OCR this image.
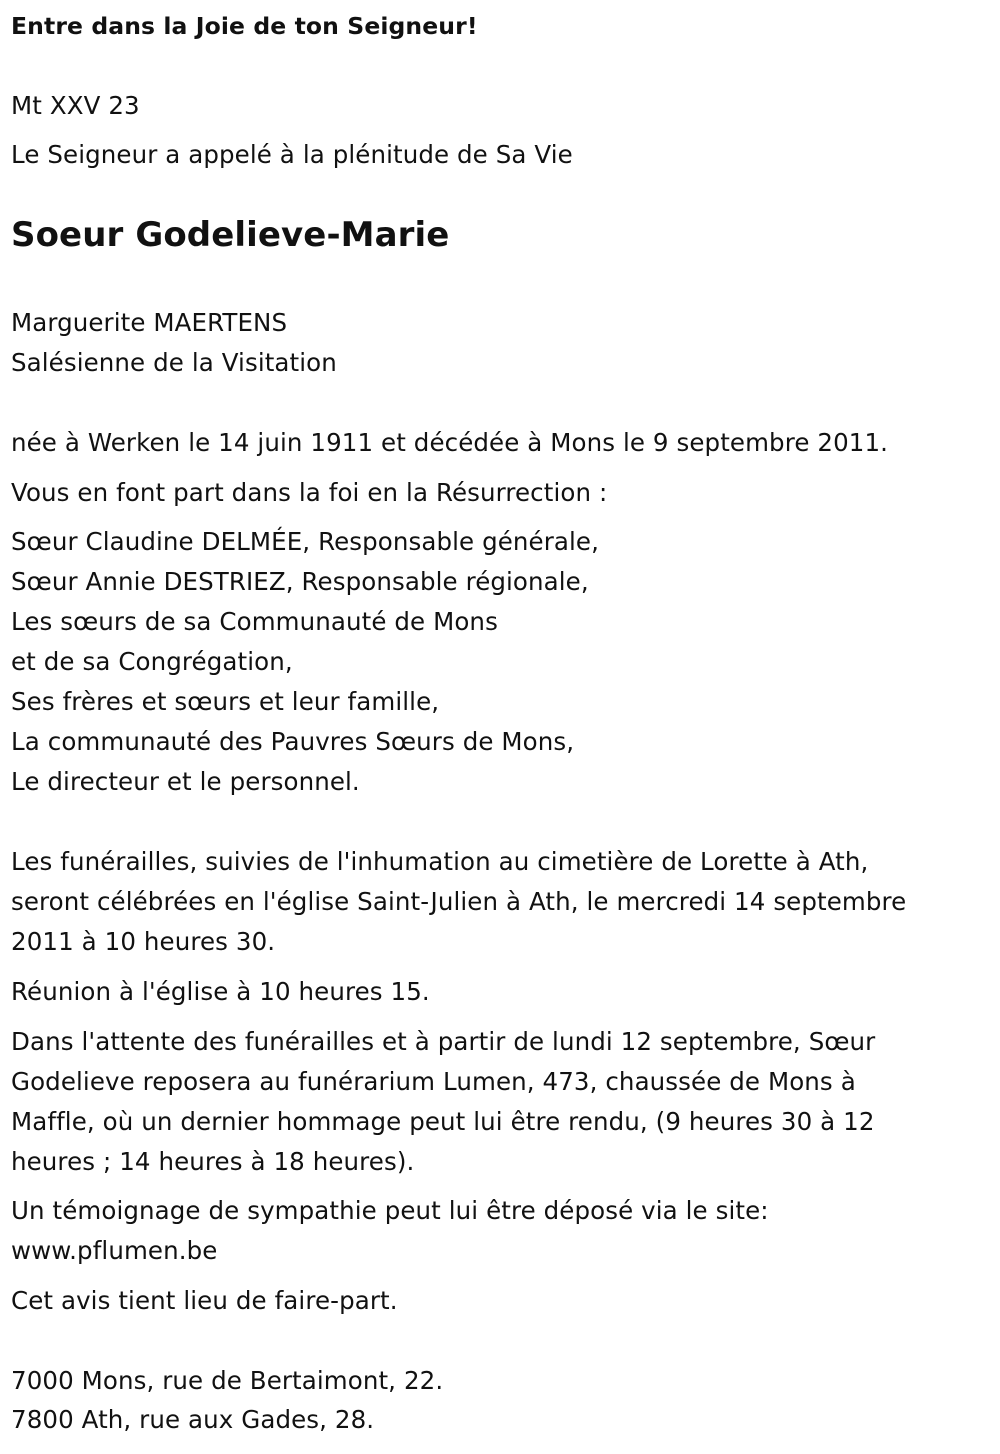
Entre dans la Joie de ton Seigneur!
Mt XXV 23
Le Seigneur a appelé à la plénitude de Sa Vie
Soeur Godelieve-Marie
Marguerite MAERTENS
Salésienne de la Visitation
née à Werken le 14 juin 1911 et décédée à Mons le 9 septembre 2011.
Vous en font part dans la foi en la Résurrection :
Sœur Claudine DELMÉE, Responsable générale,
Sœur Annie DESTRIEZ, Responsable régionale,
Les sœurs de sa Communauté de Mons
et de sa Congrégation,
Ses frères et sœurs et leur famille,
La communauté des Pauvres Sœurs de Mons,
Le directeur et le personnel.
Les funérailles, suivies de l'inhumation au cimetière de Lorette à Ath,
seront célébrées en l'église Saint-Julien à Ath, le mercredi 14 septembre
2011 à 10 heures 30.
Réunion à l'église à 10 heures 15.
Dans l'attente des funérailles et à partir de lundi 12 septembre, Sœur
Godelieve reposera au funérarium Lumen, 473, chaussée de Mons à
Maffle, où un dernier hommage peut lui être rendu, (9 heures 30 à 12
heures ; 14 heures à 18 heures).
Un témoignage de sympathie peut lui être déposé via le site:
www.pflumen.be
Cet avis tient lieu de faire-part.
7000 Mons, rue de Bertaimont, 22.
7800 Ath, rue aux Gades, 28.
